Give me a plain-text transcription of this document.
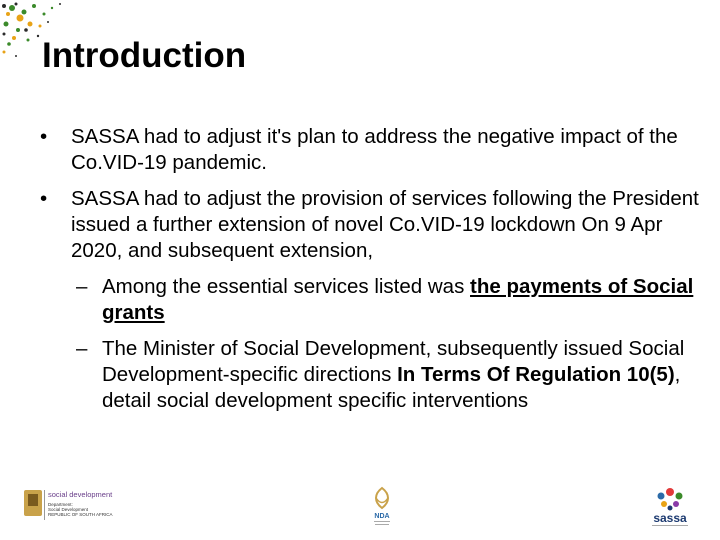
Introduction
• SASSA had to adjust it's plan to address the negative impact of the Co.VID-19 pandemic.
• SASSA had to adjust the provision of services following the President issued a further extension of novel Co.VID-19 lockdown On 9 Apr 2020, and subsequent extension,
– Among the essential services listed was the payments of Social grants
– The Minister of Social Development, subsequently issued Social Development-specific directions In Terms Of Regulation 10(5), detail social development specific interventions
social development
Department:
Social Development
REPUBLIC OF SOUTH AFRICA	NDA	sassa
